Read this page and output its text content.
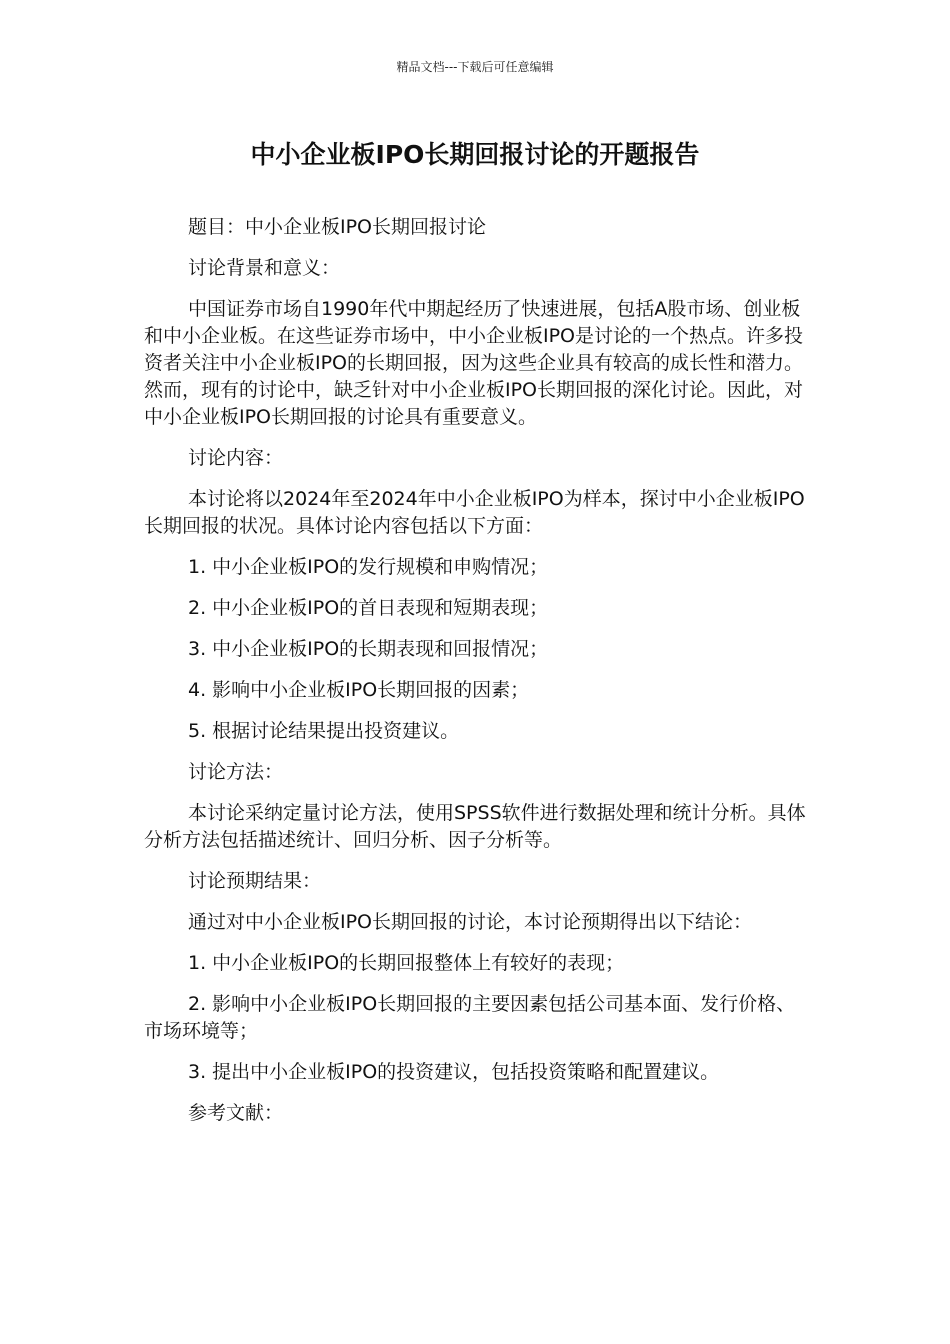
精品文档---下载后可任意编辑
中小企业板IPO长期回报讨论的开题报告

题目：中小企业板IPO长期回报讨论

讨论背景和意义：

中国证券市场自1990年代中期起经历了快速进展，包括A股市场、创业板和中小企业板。在这些证券市场中，中小企业板IPO是讨论的一个热点。许多投资者关注中小企业板IPO的长期回报，因为这些企业具有较高的成长性和潜力。然而，现有的讨论中，缺乏针对中小企业板IPO长期回报的深化讨论。因此，对中小企业板IPO长期回报的讨论具有重要意义。

讨论内容：

本讨论将以2024年至2024年中小企业板IPO为样本，探讨中小企业板IPO长期回报的状况。具体讨论内容包括以下方面：

1. 中小企业板IPO的发行规模和申购情况；

2. 中小企业板IPO的首日表现和短期表现；

3. 中小企业板IPO的长期表现和回报情况；

4. 影响中小企业板IPO长期回报的因素；

5. 根据讨论结果提出投资建议。

讨论方法：

本讨论采纳定量讨论方法，使用SPSS软件进行数据处理和统计分析。具体分析方法包括描述统计、回归分析、因子分析等。

讨论预期结果：

通过对中小企业板IPO长期回报的讨论，本讨论预期得出以下结论：

1. 中小企业板IPO的长期回报整体上有较好的表现；

2. 影响中小企业板IPO长期回报的主要因素包括公司基本面、发行价格、市场环境等；

3. 提出中小企业板IPO的投资建议，包括投资策略和配置建议。

参考文献：
